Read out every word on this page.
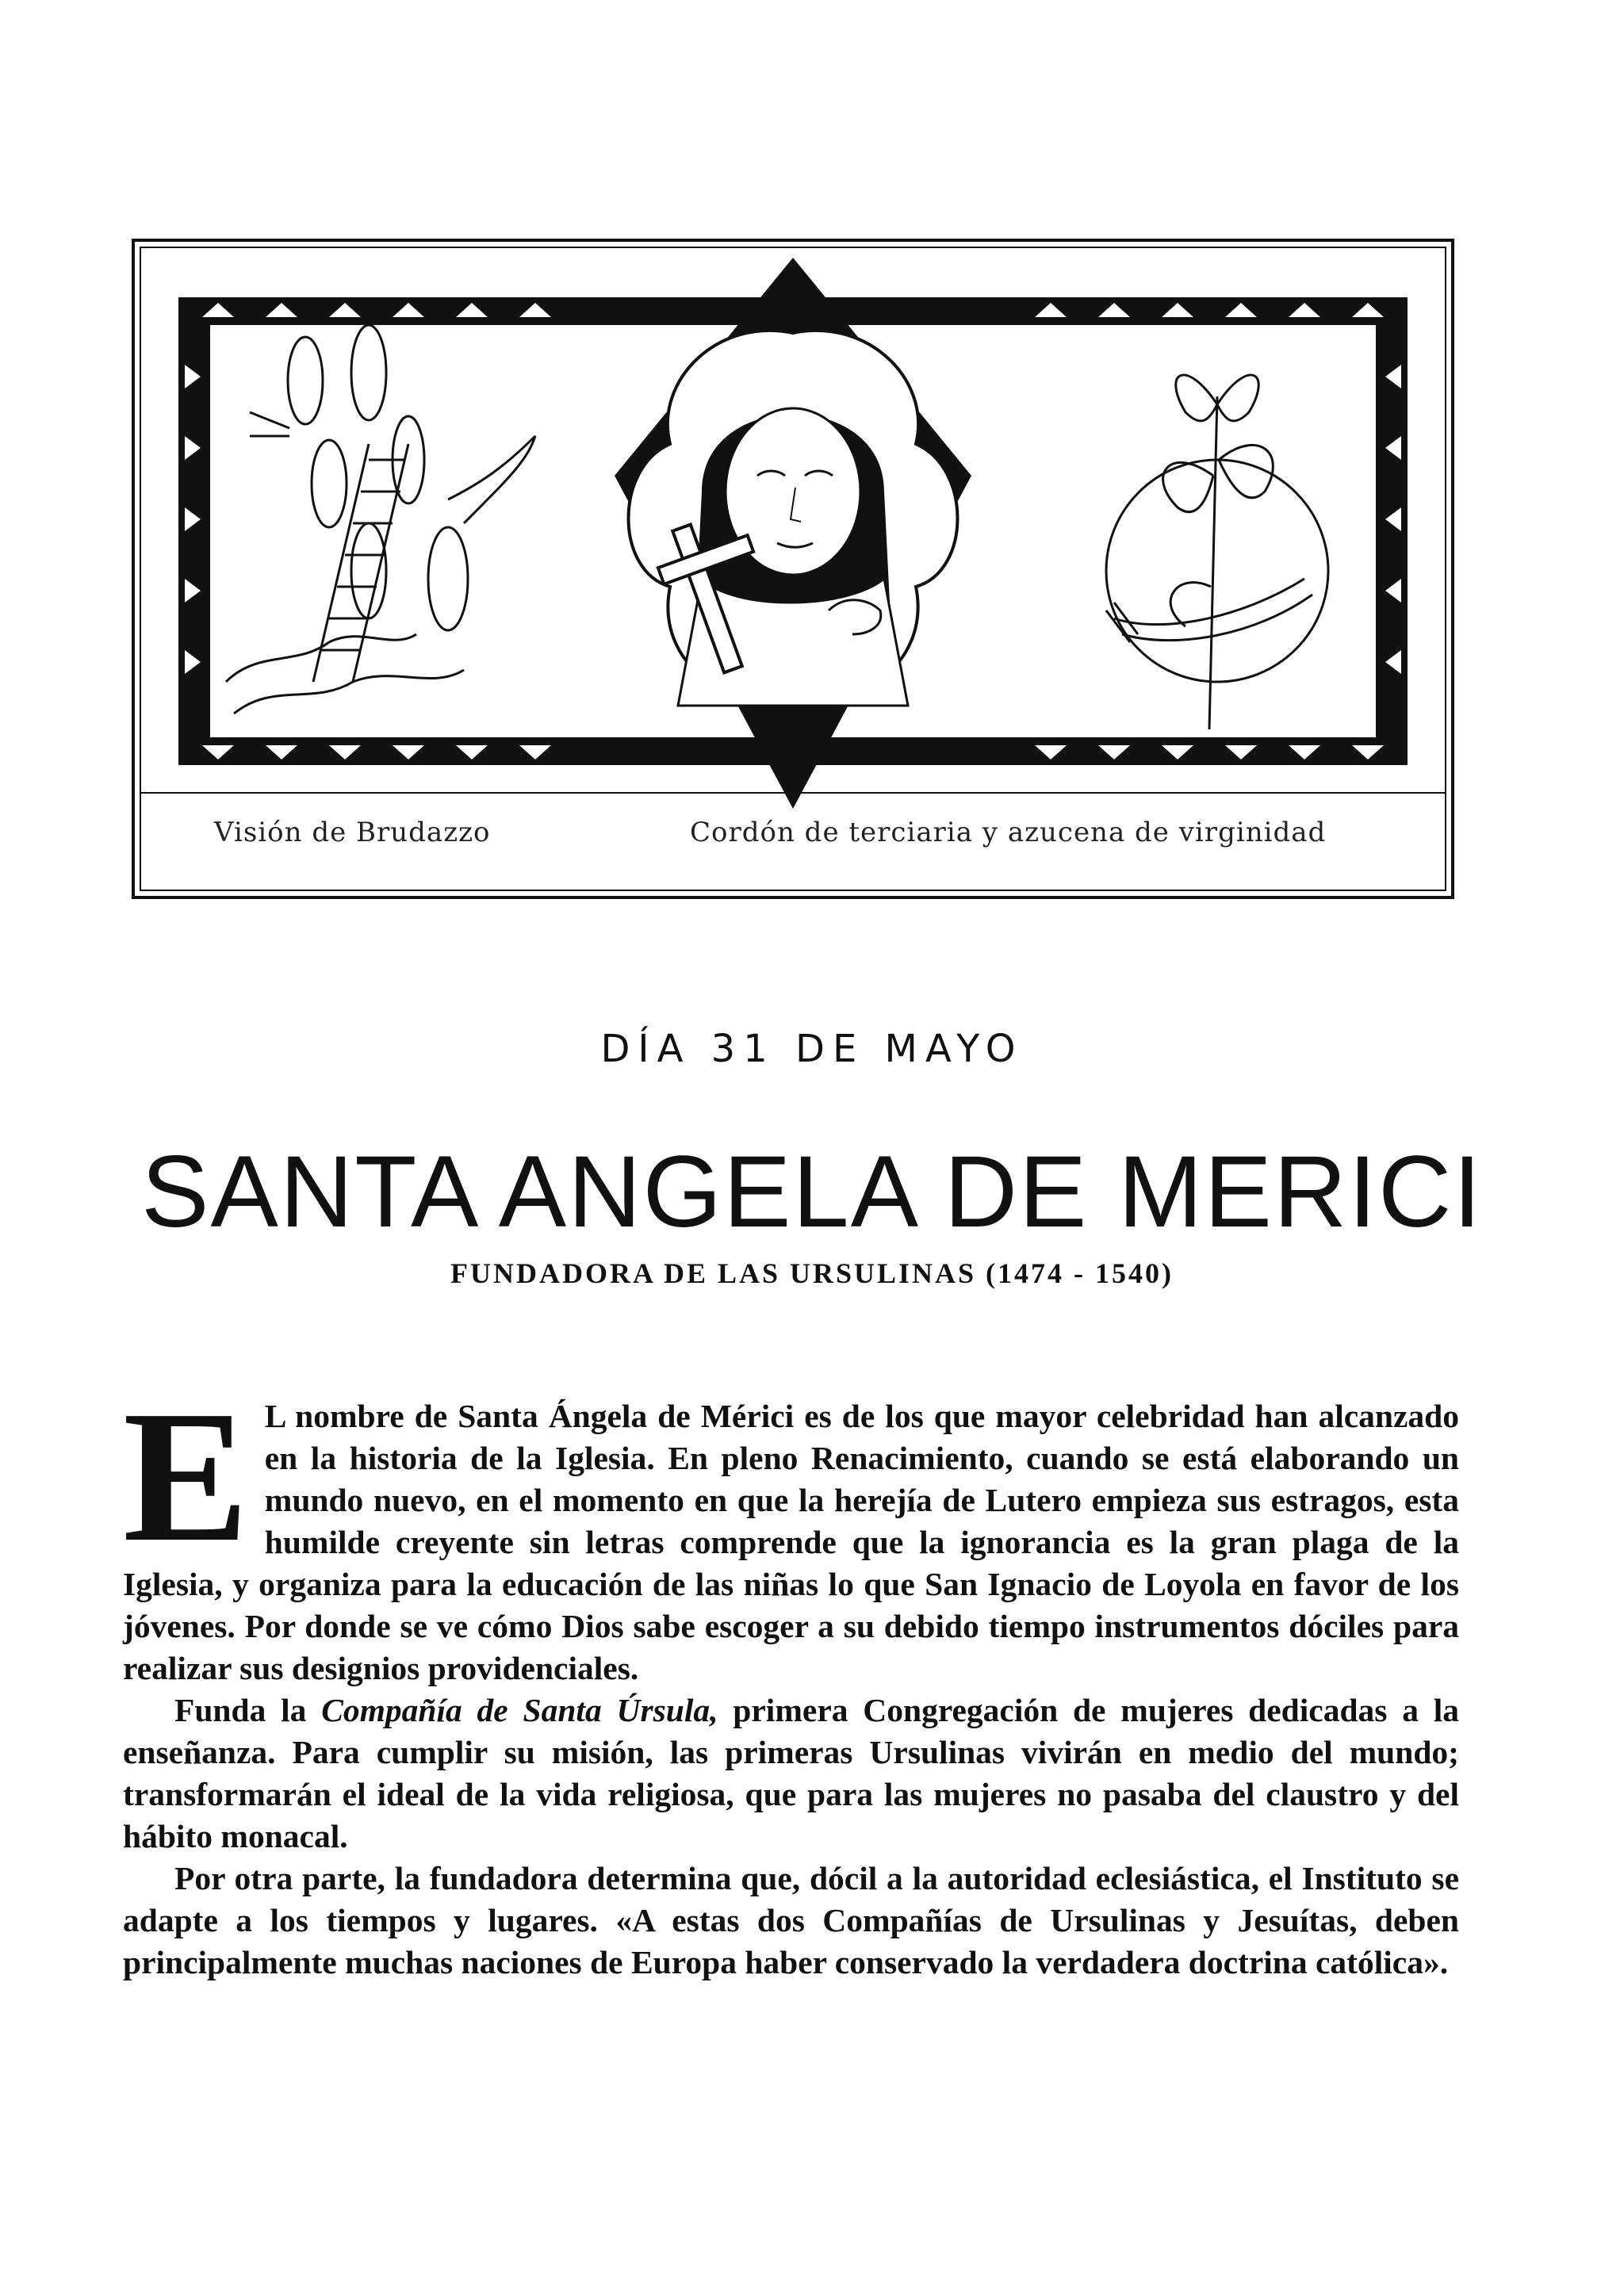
Visión de Brudazzo	Cordón de terciaria y azucena de virginidad
DÍA 31 DE MAYO
SANTA ANGELA DE MERICI
FUNDADORA DE LAS URSULINAS (1474 - 1540)

E L nombre de Santa Ángela de Mérici es de los que mayor celebridad han alcanzado en la historia de la Iglesia. En pleno Renacimiento, cuando se está elaborando un mundo nuevo, en el momento en que la herejía de Lutero empieza sus estragos, esta humilde creyente sin letras comprende que la ignorancia es la gran plaga de la Iglesia, y organiza para la educación de las niñas lo que San Ignacio de Loyola en favor de los jóvenes. Por donde se ve cómo Dios sabe escoger a su debido tiempo instrumentos dóciles para realizar sus designios providenciales.

Funda la Compañía de Santa Úrsula, primera Congregación de mujeres dedicadas a la enseñanza. Para cumplir su misión, las primeras Ursulinas vivirán en medio del mundo; transformarán el ideal de la vida religiosa, que para las mujeres no pasaba del claustro y del hábito monacal.

Por otra parte, la fundadora determina que, dócil a la autoridad eclesiástica, el Instituto se adapte a los tiempos y lugares. «A estas dos Compañías de Ursulinas y Jesuítas, deben principalmente muchas naciones de Europa haber conservado la verdadera doctrina católica».
